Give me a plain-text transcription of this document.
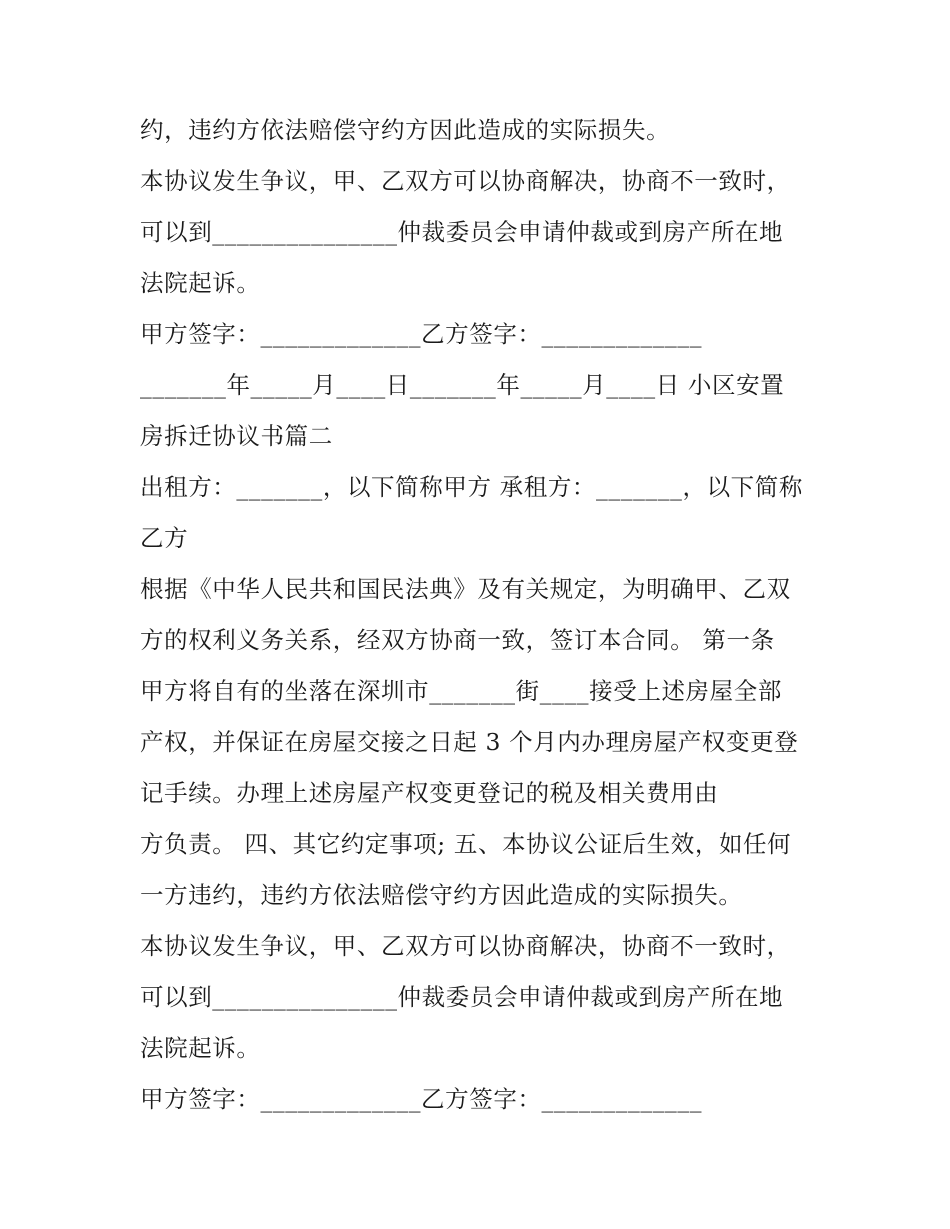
约，违约方依法赔偿守约方因此造成的实际损失。

本协议发生争议，甲、乙双方可以协商解决，协商不一致时，

可以到_______________仲裁委员会申请仲裁或到房产所在地

法院起诉。

甲方签字：_____________乙方签字：_____________

_______年_____月____日_______年_____月____日 小区安置

房拆迁协议书篇二

出租方：_______，以下简称甲方 承租方：_______，以下简称

乙方

根据《中华人民共和国民法典》及有关规定，为明确甲、乙双

方的权利义务关系，经双方协商一致，签订本合同。 第一条

甲方将自有的坐落在深圳市_______街____接受上述房屋全部

产权，并保证在房屋交接之日起 3 个月内办理房屋产权变更登

记手续。办理上述房屋产权变更登记的税及相关费用由

方负责。 四、其它约定事项; 五、本协议公证后生效，如任何

一方违约，违约方依法赔偿守约方因此造成的实际损失。

本协议发生争议，甲、乙双方可以协商解决，协商不一致时，

可以到_______________仲裁委员会申请仲裁或到房产所在地

法院起诉。

甲方签字：_____________乙方签字：_____________
